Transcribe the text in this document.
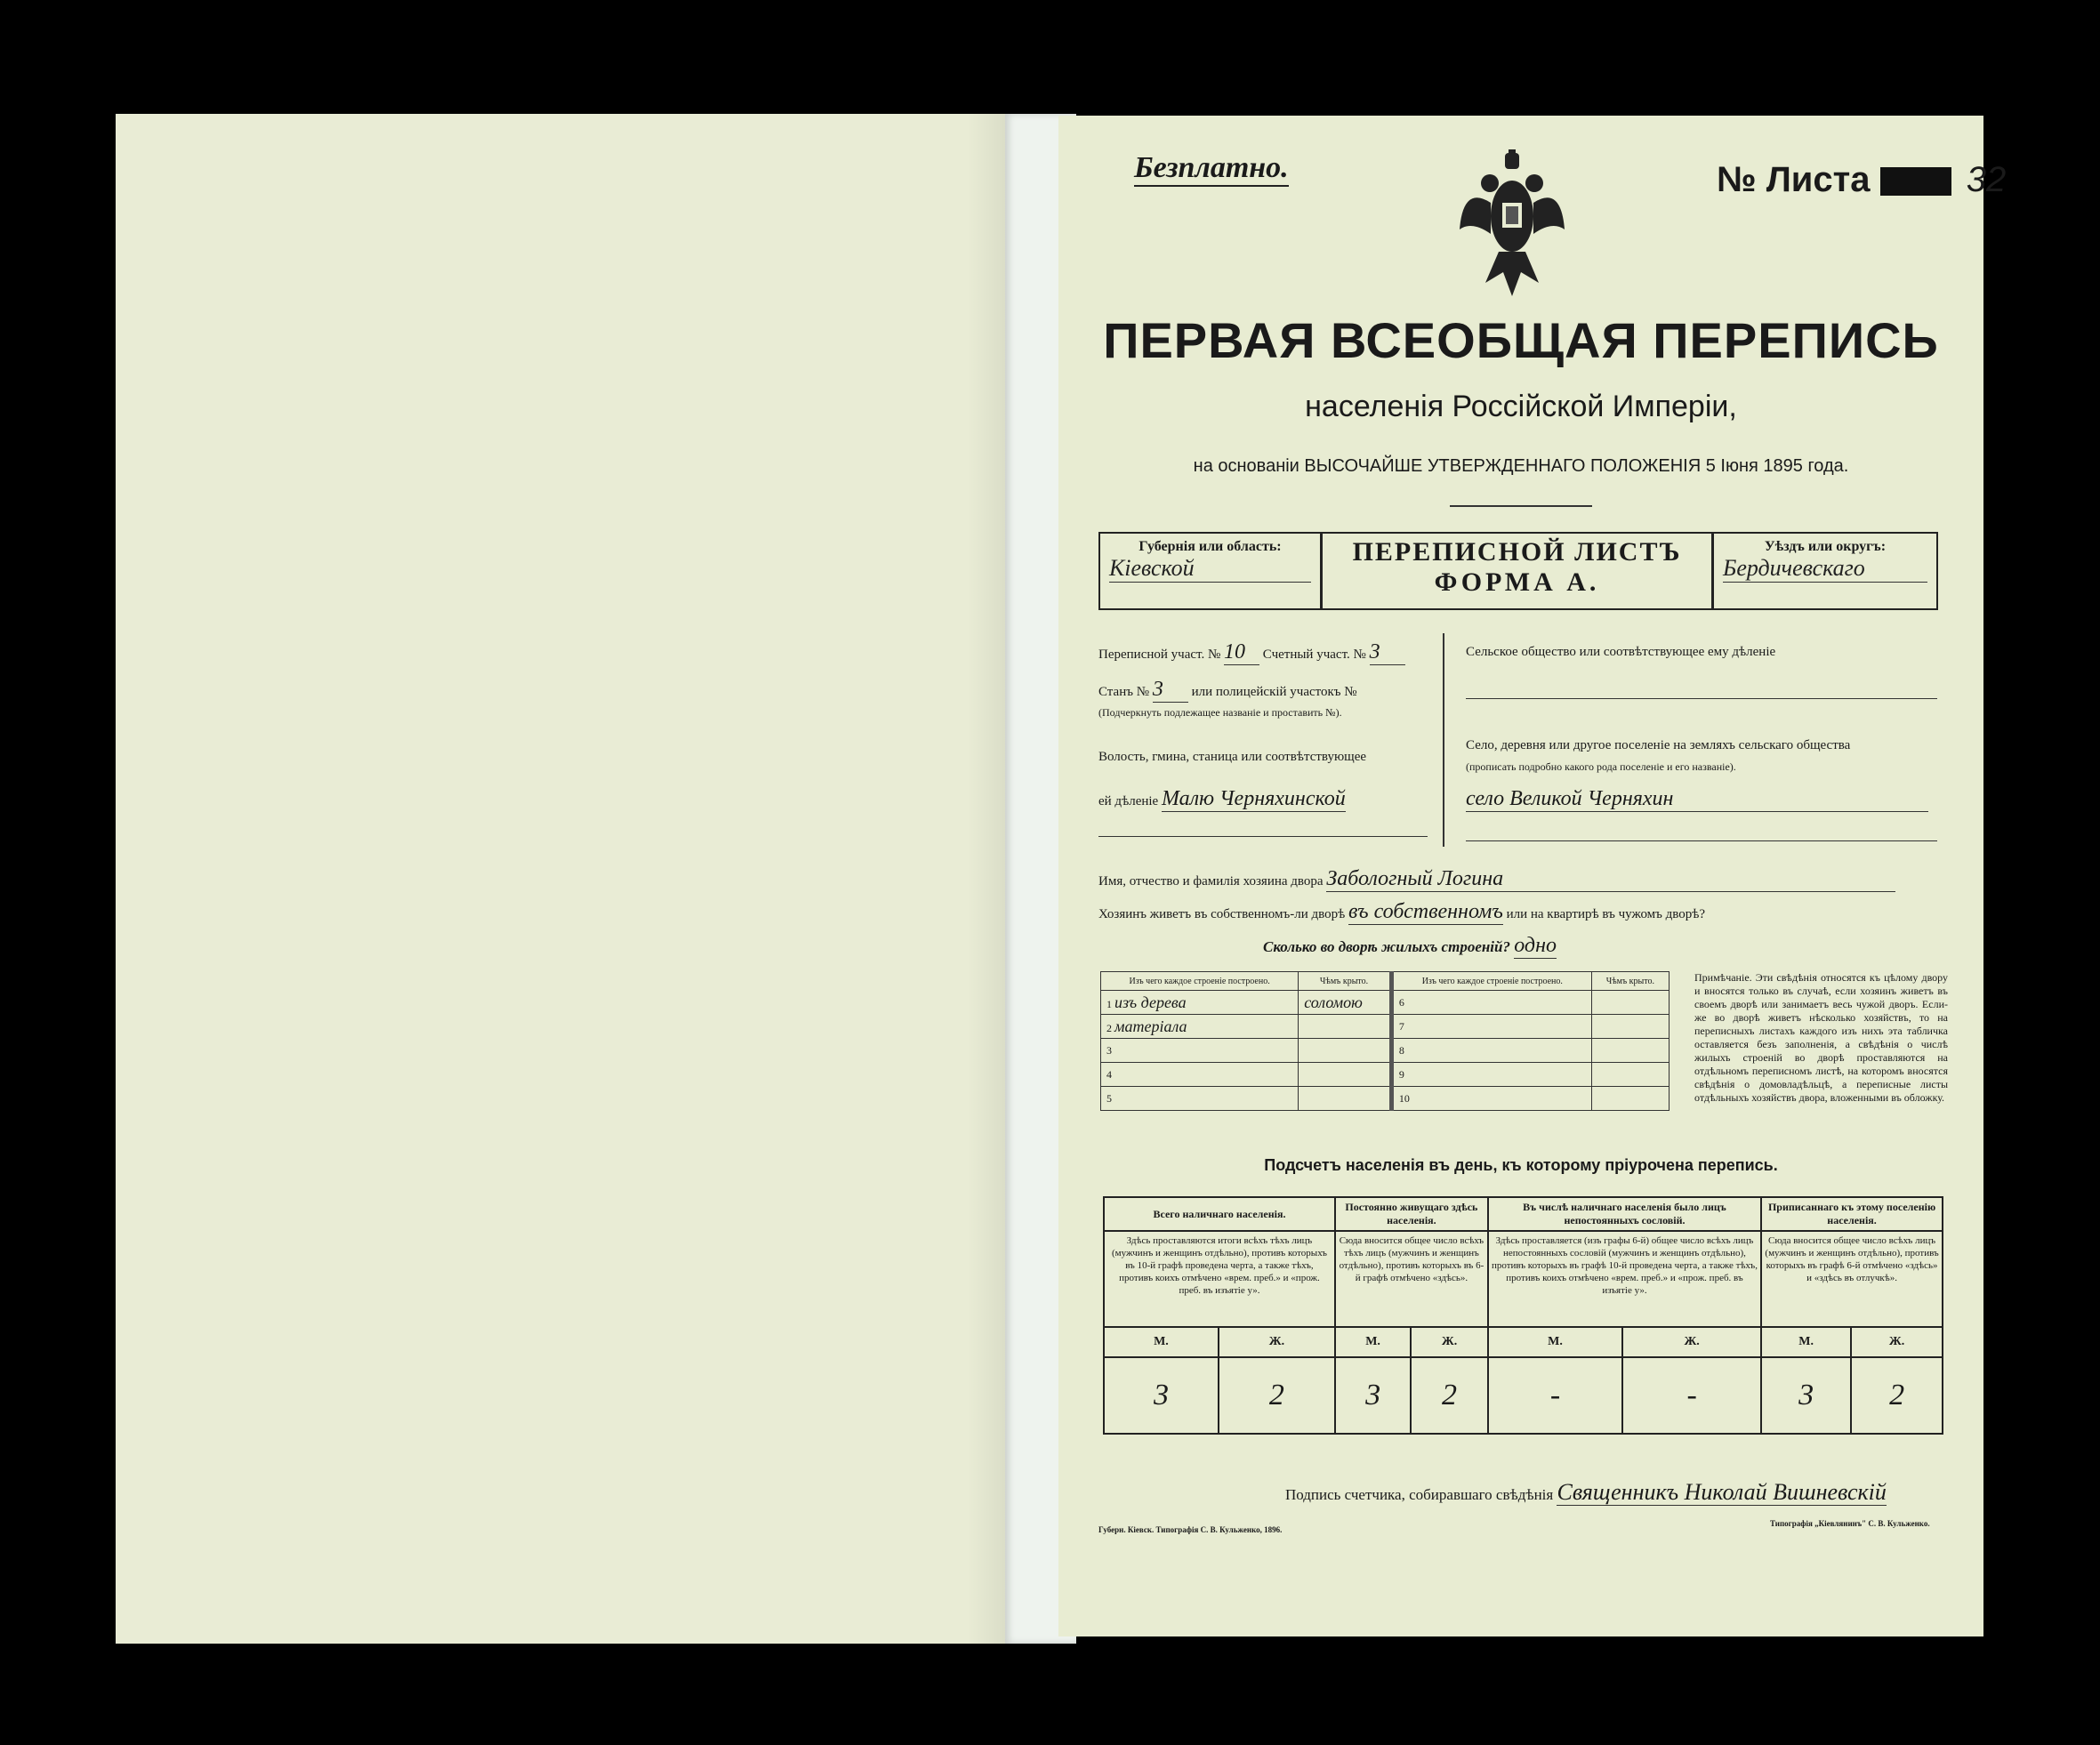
Безплатно.	№ Листа	32
ПЕРВАЯ ВСЕОБЩАЯ ПЕРЕПИСЬ
населенія Россійской Имперіи,
на основаніи ВЫСОЧАЙШЕ УТВЕРЖДЕННАГО ПОЛОЖЕНІЯ 5 Іюня 1895 года.
Губернія или область:
Кіевской
ПЕРЕПИСНОЙ ЛИСТЪ
ФОРМА А.
Уѣздъ или округъ:
Бердичевскаго
Переписной участ. № 10 Счетный участ. № 3
Станъ № 3 или полицейскій участокъ №
(Подчеркнуть подлежащее названіе и проставить №).
Волость, гмина, станица или соотвѣтствующее
ей дѣленіе Малю Черняхинской
Сельское общество или соотвѣтствующее ему дѣленіе
Село, деревня или другое поселеніе на земляхъ сельскаго общества
(прописать подробно какого рода поселеніе и его названіе).
село Великой Черняхин
Имя, отчество и фамилія хозяина двора Забологный Логина
Хозяинъ живетъ въ собственномъ-ли дворѣ въ собственномъ или на квартирѣ въ чужомъ дворѣ?
Сколько во дворѣ жилыхъ строеній? одно
Изъ чего каждое строеніе построено.	Чѣмъ крыто.	Изъ чего каждое строеніе построено.	Чѣмъ крыто.
1 изъ дерева	соломою	6	
2 матеріала		7	
3		8	
4		9	
5		10	
Примѣчаніе. Эти свѣдѣнія относятся къ цѣлому двору и вносятся только въ случаѣ, если хозяинъ живетъ въ своемъ дворѣ или занимаетъ весь чужой дворъ. Если-же во дворѣ живетъ нѣсколько хозяйствъ, то на переписныхъ листахъ каждого изъ нихъ эта табличка оставляется безъ заполненія, а свѣдѣнія о числѣ жилыхъ строеній во дворѣ проставляются на отдѣльномъ переписномъ листѣ, на которомъ вносятся свѣдѣнія о домовладѣльцѣ, а переписные листы отдѣльныхъ хозяйствъ двора, вложенными въ обложку.
Подсчетъ населенія въ день, къ которому пріурочена перепись.
Всего наличнаго населенія.		Постоянно живущаго здѣсь населенія.		Въ числѣ наличнаго населенія было лицъ непостоянныхъ сословій.		Приписаннаго къ этому поселенію населенія.	
Здѣсь проставляются итоги всѣхъ тѣхъ лицъ (мужчинъ и женщинъ отдѣльно), противъ которыхъ въ 10-й графѣ проведена черта, а также тѣхъ, противъ коихъ отмѣчено «врем. преб.» и «прож. преб. въ изъятіе у».		Сюда вносится общее число всѣхъ тѣхъ лицъ (мужчинъ и женщинъ отдѣльно), противъ которыхъ въ 6-й графѣ отмѣчено «здѣсь».		Здѣсь проставляется (изъ графы 6-й) общее число всѣхъ лицъ непостоянныхъ сословій (мужчинъ и женщинъ отдѣльно), противъ которыхъ въ графѣ 10-й проведена черта, а также тѣхъ, противъ коихъ отмѣчено «врем. преб.» и «прож. преб. въ изъятіе у».		Сюда вносится общее число всѣхъ лицъ (мужчинъ и женщинъ отдѣльно), противъ которыхъ въ графѣ 6-й отмѣчено «здѣсь» и «здѣсь въ отлучкѣ».	
М.	Ж.	М.	Ж.	М.	Ж.	М.	Ж.
3	2	3	2	-	-	3	2
Подпись счетчика, собиравшаго свѣдѣнія Священникъ Николай Вишневскій
Губерн. Кіевск. Типографія С. В. Кульженко, 1896.
Типографія „Кіевлянинъ" С. В. Кульженко.
